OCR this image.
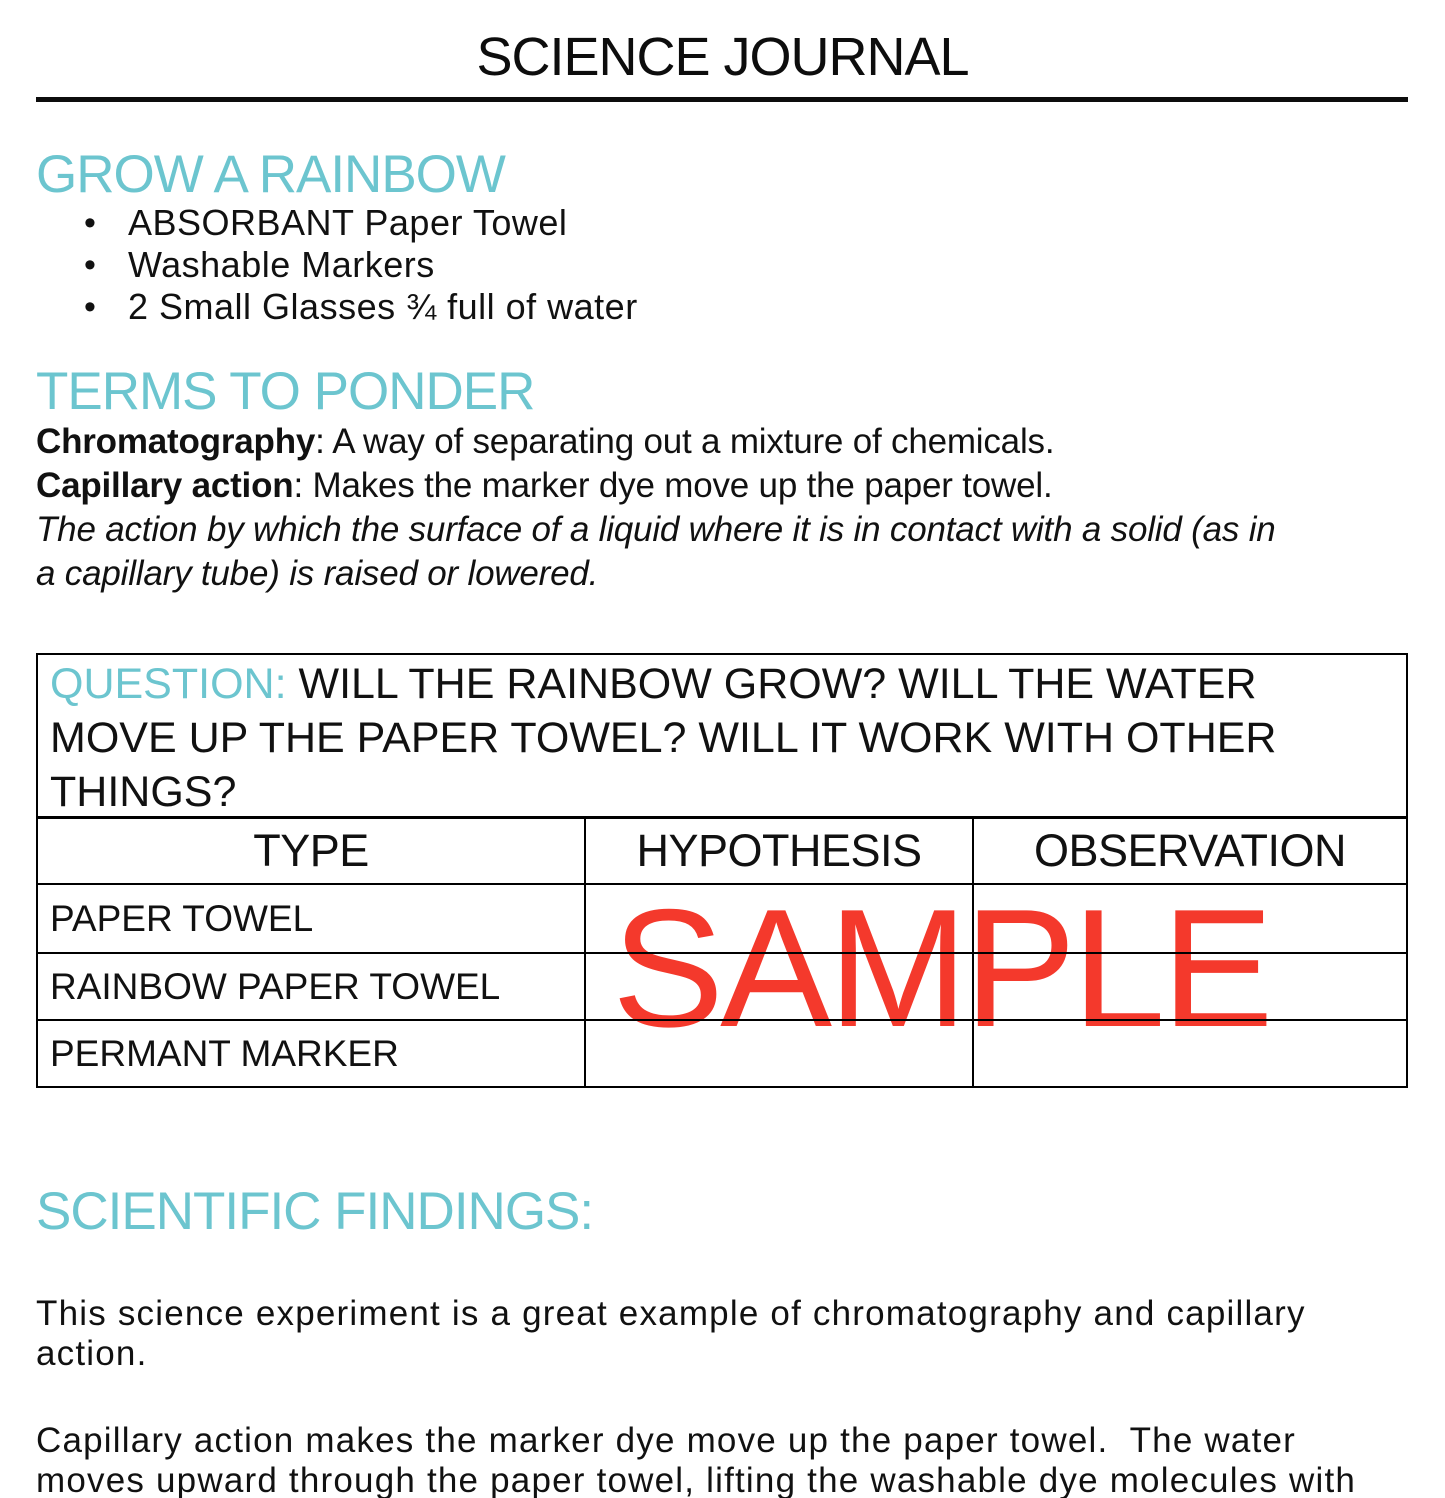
SCIENCE JOURNAL
GROW A RAINBOW
• ABSORBANT Paper Towel
• Washable Markers
• 2 Small Glasses ¾ full of water
TERMS TO PONDER
Chromatography: A way of separating out a mixture of chemicals.
Capillary action: Makes the marker dye move up the paper towel.
The action by which the surface of a liquid where it is in contact with a solid (as in
a capillary tube) is raised or lowered.
SAMPLE
QUESTION: WILL THE RAINBOW GROW? WILL THE WATER
MOVE UP THE PAPER TOWEL? WILL IT WORK WITH OTHER
THINGS?
TYPE	HYPOTHESIS	OBSERVATION
PAPER TOWEL
RAINBOW PAPER TOWEL
PERMANT MARKER
SCIENTIFIC FINDINGS:
This science experiment is a great example of chromatography and capillary
action.
Capillary action makes the marker dye move up the paper towel.  The water
moves upward through the paper towel, lifting the washable dye molecules with
